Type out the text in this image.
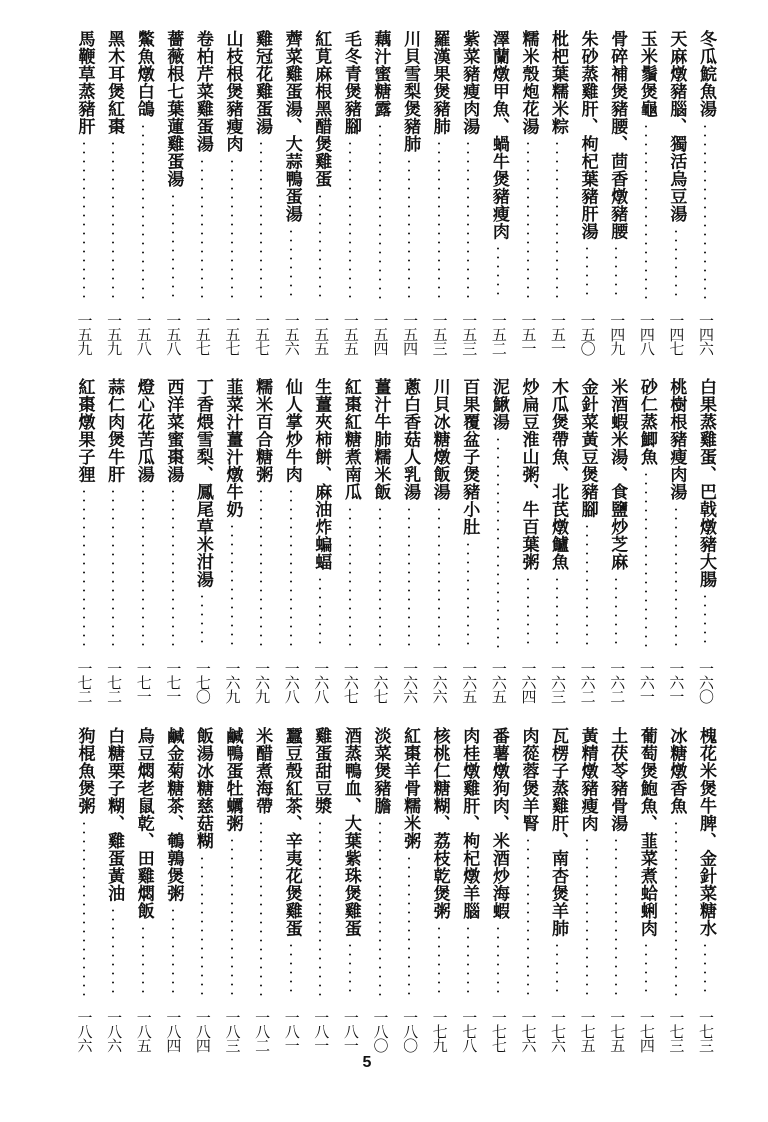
冬瓜鯇魚湯
一四六
天麻燉豬腦、獨活烏豆湯
一四七
玉米鬚煲龜
一四八
骨碎補煲豬腰、茴香燉豬腰
一四九
朱砂蒸雞肝、枸杞葉豬肝湯
一五〇
枇杷葉糯米粽
一五一
糯米殼炮花湯
一五一
澤蘭燉甲魚、蝸牛煲豬瘦肉
一五二
紫菜豬瘦肉湯
一五三
羅漢果煲豬肺
一五三
川貝雪梨煲豬肺
一五四
藕汁蜜糖露
一五四
毛冬青煲豬腳
一五五
紅莧麻根黑醋煲雞蛋
一五五
薺菜雞蛋湯、大蒜鴨蛋湯
一五六
雞冠花雞蛋湯
一五七
山枝根煲豬瘦肉
一五七
卷柏芹菜雞蛋湯
一五七
薔薇根七葉蓮雞蛋湯
一五八
鱉魚燉白鴿
一五八
黑木耳煲紅棗
一五九
馬鞭草蒸豬肝
一五九
白果蒸雞蛋、巴戟燉豬大腸
一六〇
桃樹根豬瘦肉湯
一六一
砂仁蒸鯽魚
一六一
米酒蝦米湯、食鹽炒芝麻
一六二
金針菜黃豆煲豬腳
一六二
木瓜煲帶魚、北芪燉鱸魚
一六三
炒扁豆淮山粥、牛百葉粥
一六四
泥鰍湯
一六五
百果覆盆子煲豬小肚
一六五
川貝冰糖燉飯湯
一六六
蔥白香菇人乳湯
一六六
薑汁牛肺糯米飯
一六七
紅棗紅糖煮南瓜
一六七
生薑夾柿餅、麻油炸蝙蝠
一六八
仙人掌炒牛肉
一六八
糯米百合糖粥
一六九
韮菜汁薑汁燉牛奶
一六九
丁香煨雪梨、鳳尾草米泔湯
一七〇
西洋菜蜜棗湯
一七一
燈心花苦瓜湯
一七一
蒜仁肉煲牛肝
一七二
紅棗燉果子狸
一七二
槐花米煲牛脾、金針菜糖水
一七三
冰糖燉香魚
一七三
葡萄煲鮑魚、韮菜煮蛤蜊肉
一七四
土茯苓豬骨湯
一七五
黃精燉豬瘦肉
一七五
瓦楞子蒸雞肝、南杏煲羊肺
一七六
肉蓯蓉煲羊腎
一七六
番薯燉狗肉、米酒炒海蝦
一七七
肉桂燉雞肝、枸杞燉羊腦
一七八
核桃仁糖糊、荔枝乾煲粥
一七九
紅棗羊骨糯米粥
一八〇
淡菜煲豬膽
一八〇
酒蒸鴨血、大葉紫珠煲雞蛋
一八一
雞蛋甜豆漿
一八一
蠶豆殼紅茶、辛夷花煲雞蛋
一八一
米醋煮海帶
一八二
鹹鴨蛋牡蠣粥
一八三
飯湯冰糖慈菇糊
一八四
鹹金菊糖茶、鵪鶉煲粥
一八四
烏豆燜老鼠乾、田雞燜飯
一八五
白糖栗子糊、雞蛋黃油
一八六
狗棍魚煲粥
一八六
5
